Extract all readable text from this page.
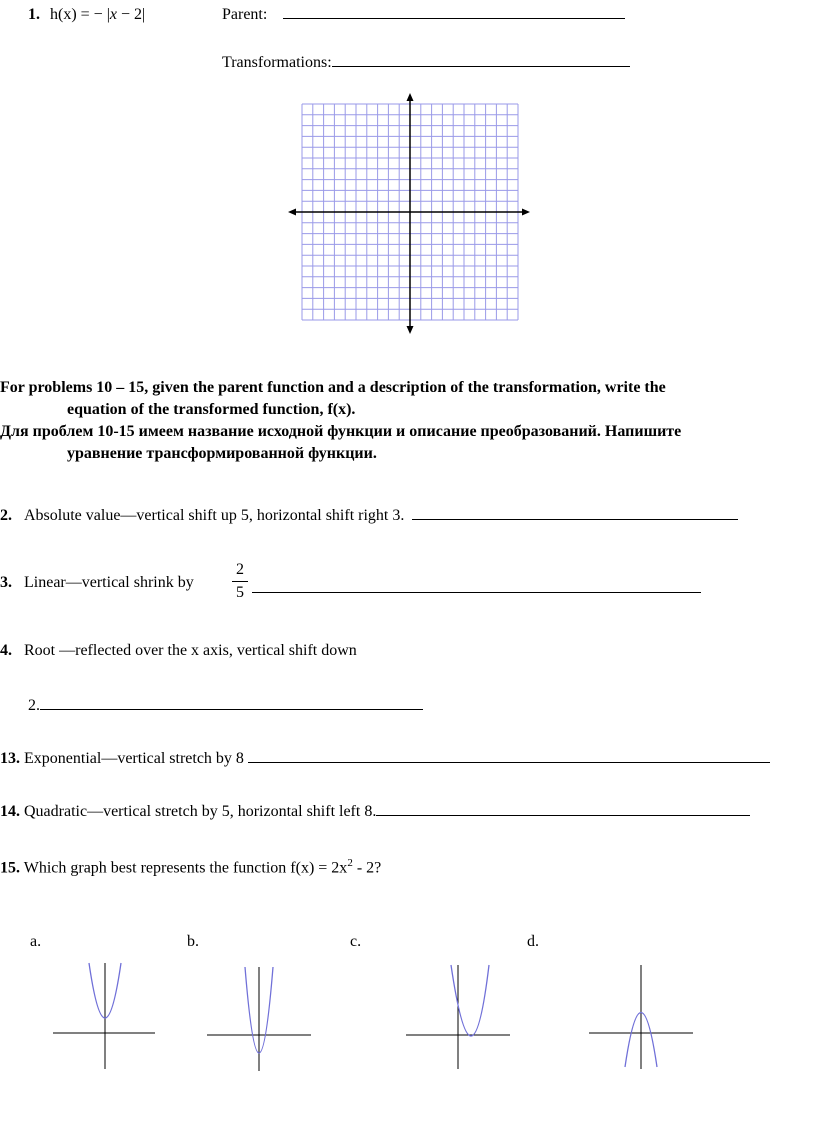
1. h(x) = − |x − 2|	Parent:
Transformations:
For problems 10 – 15, given the parent function and a description of the transformation, write the
equation of the transformed function, f(x).
Для проблем 10-15 имеем название исходной функции и описание преобразований. Напишите
уравнение трансформированной функции.
2. Absolute value—vertical shift up 5, horizontal shift right 3.
3. Linear—vertical shrink by $\frac{2}{5}$
4. Root —reflected over the x axis, vertical shift down
2.
13. Exponential—vertical stretch by 8
14. Quadratic—vertical stretch by 5, horizontal shift left 8.
15. Which graph best represents the function $f(x) = 2x^2 - 2$?
a.	b.	c.	d.
